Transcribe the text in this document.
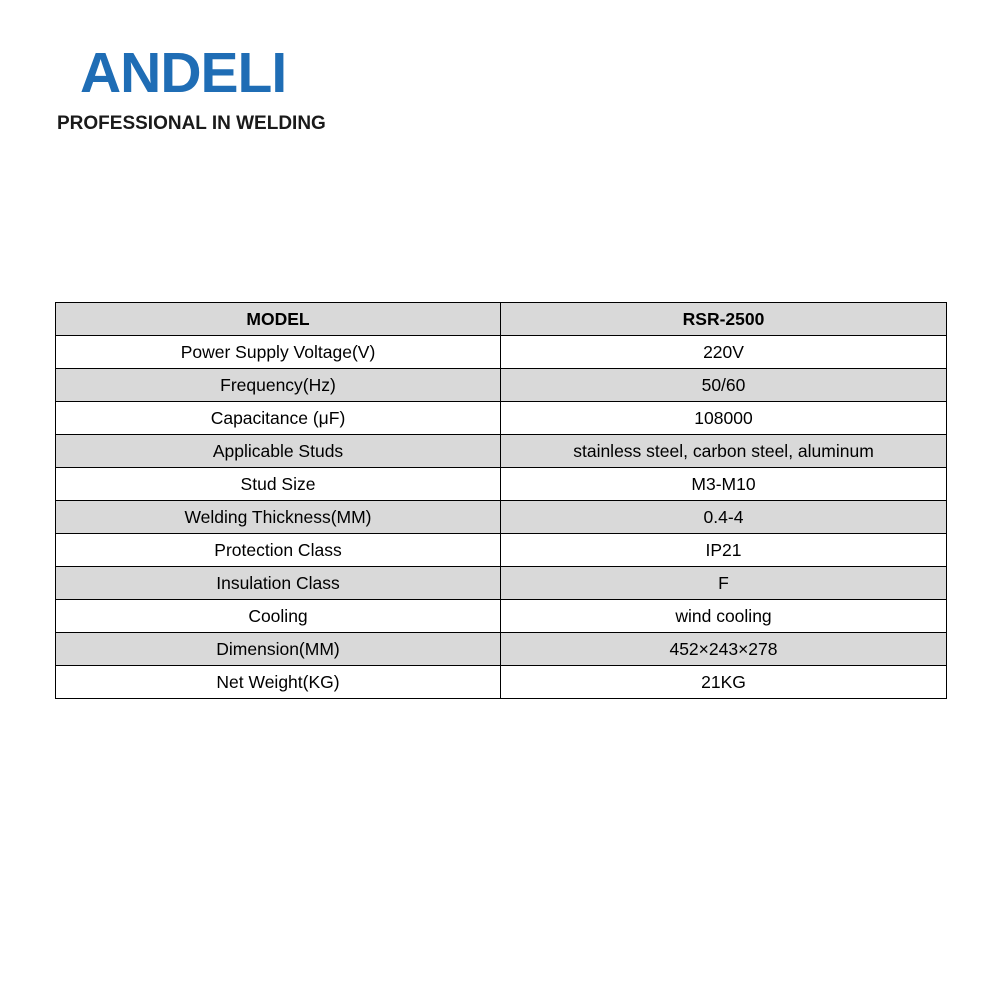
ANDELI

PROFESSIONAL IN WELDING

MODEL	RSR-2500
Power Supply Voltage(V)	220V
Frequency(Hz)	50/60
Capacitance (μF)	108000
Applicable Studs	stainless steel, carbon steel, aluminum
Stud Size	M3-M10
Welding Thickness(MM)	0.4-4
Protection Class	IP21
Insulation Class	F
Cooling	wind cooling
Dimension(MM)	452×243×278
Net Weight(KG)	21KG
